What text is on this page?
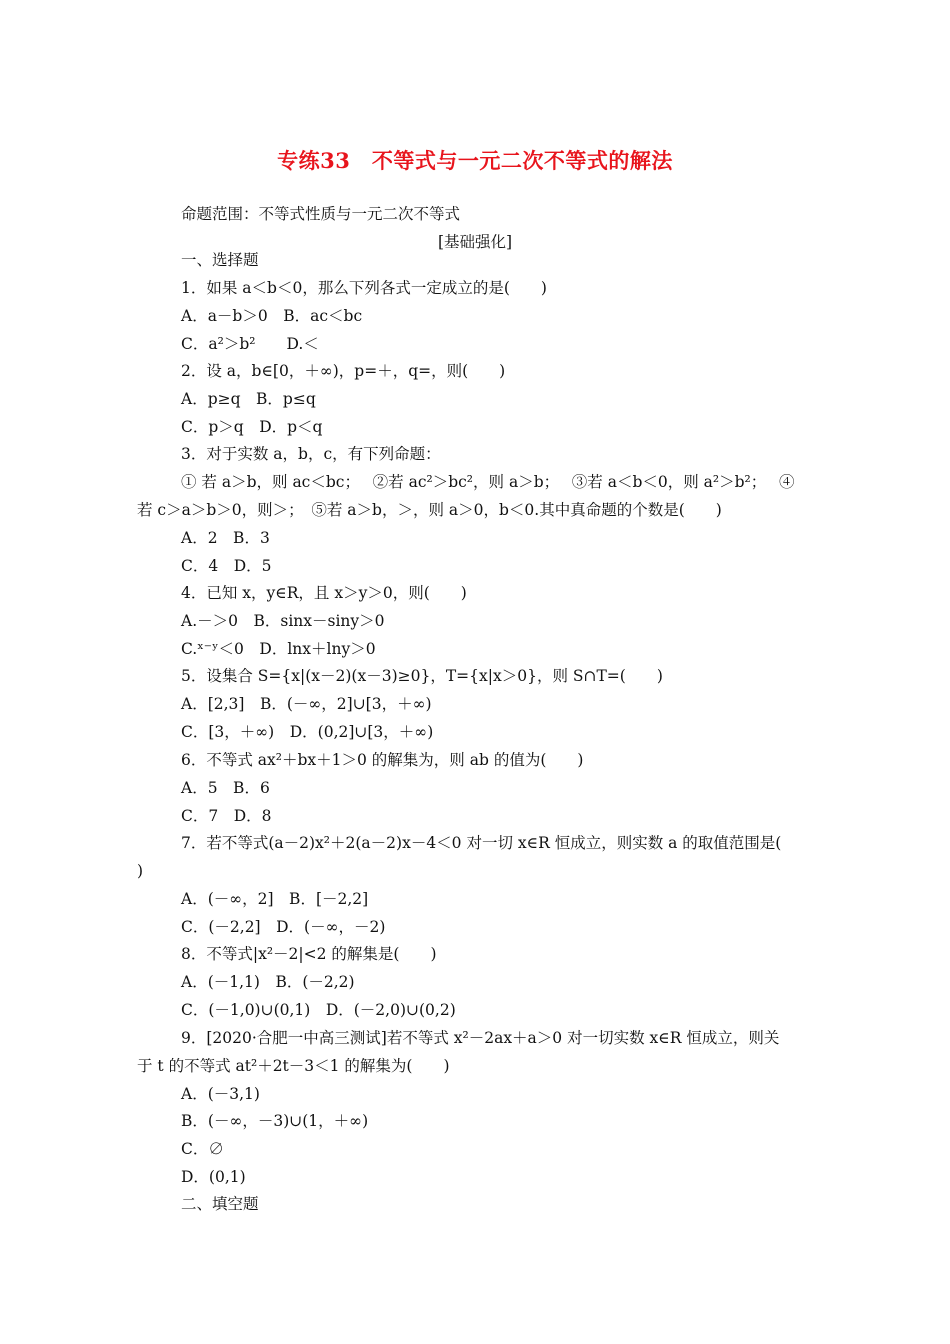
专练33　不等式与一元二次不等式的解法
命题范围：不等式性质与一元二次不等式
[基础强化]
一、选择题
1．如果 a＜b＜0，那么下列各式一定成立的是(　　)
A．a－b＞0　B．ac＜bc
C．a²＞b²　　D.＜
2．设 a，b∈[0，＋∞)，p=＋，q=，则(　　)
A．p≥q　B．p≤q
C．p＞q　D．p＜q
3．对于实数 a，b，c，有下列命题：
① 若 a＞b，则 ac＜bc；　 ②若 ac²＞bc²，则 a＞b；　 ③若 a＜b＜0，则 a²＞b²；　 ④
若 c＞a＞b＞0，则＞；　⑤若 a＞b，＞，则 a＞0，b＜0.其中真命题的个数是(　　)
A．2　B．3
C．4　D．5
4．已知 x，y∈R，且 x＞y＞0，则(　　)
A.－＞0　B．sinx－siny＞0
C.ˣ⁻ʸ＜0　D．lnx＋lny＞0
5．设集合 S={x|(x－2)(x－3)≥0}，T={x|x＞0}，则 S∩T=(　　)
A．[2,3]　B．(－∞，2]∪[3，＋∞)
C．[3，＋∞)　D．(0,2]∪[3，＋∞)
6．不等式 ax²＋bx＋1＞0 的解集为，则 ab 的值为(　　)
A．5　B．6
C．7　D．8
7．若不等式(a－2)x²＋2(a－2)x－4＜0 对一切 x∈R 恒成立，则实数 a 的取值范围是(
)
A．(－∞，2]　B．[－2,2]
C．(－2,2]　D．(－∞，－2)
8．不等式|x²－2|<2 的解集是(　　)
A．(－1,1)　B．(－2,2)
C．(－1,0)∪(0,1)　D．(－2,0)∪(0,2)
9．[2020·合肥一中高三测试]若不等式 x²－2ax＋a＞0 对一切实数 x∈R 恒成立，则关
于 t 的不等式 at²＋2t－3＜1 的解集为(　　)
A．(－3,1)
B．(－∞，－3)∪(1，＋∞)
C．∅
D．(0,1)
二、填空题
